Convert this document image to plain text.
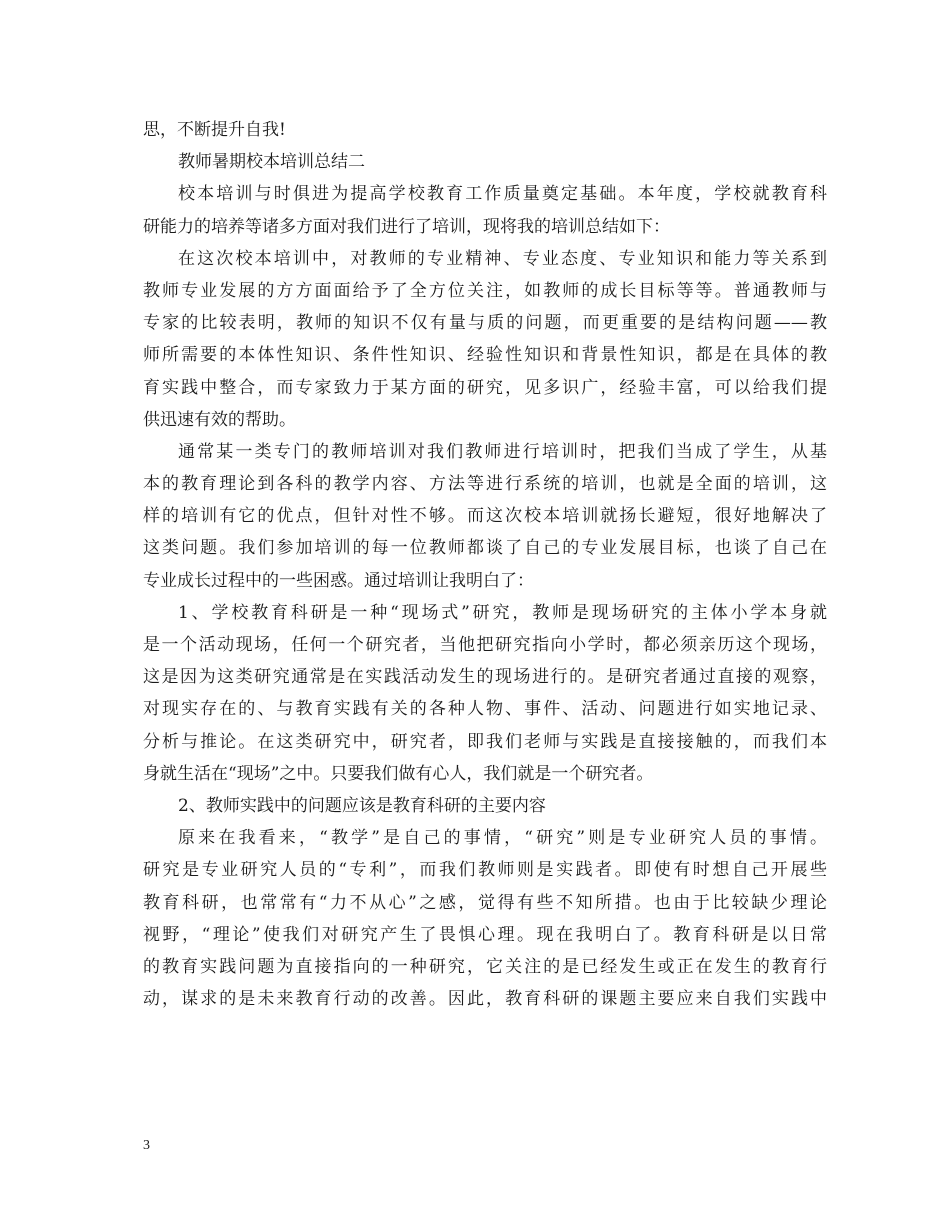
思，不断提升自我!
教师暑期校本培训总结二
校本培训与时俱进为提高学校教育工作质量奠定基础。本年度，学校就教育科
研能力的培养等诸多方面对我们进行了培训，现将我的培训总结如下：
在这次校本培训中，对教师的专业精神、专业态度、专业知识和能力等关系到
教师专业发展的方方面面给予了全方位关注，如教师的成长目标等等。普通教师与
专家的比较表明，教师的知识不仅有量与质的问题，而更重要的是结构问题——教
师所需要的本体性知识、条件性知识、经验性知识和背景性知识，都是在具体的教
育实践中整合，而专家致力于某方面的研究，见多识广，经验丰富，可以给我们提
供迅速有效的帮助。
通常某一类专门的教师培训对我们教师进行培训时，把我们当成了学生，从基
本的教育理论到各科的教学内容、方法等进行系统的培训，也就是全面的培训，这
样的培训有它的优点，但针对性不够。而这次校本培训就扬长避短，很好地解决了
这类问题。我们参加培训的每一位教师都谈了自己的专业发展目标，也谈了自己在
专业成长过程中的一些困惑。通过培训让我明白了：
1、学校教育科研是一种“现场式”研究，教师是现场研究的主体小学本身就
是一个活动现场，任何一个研究者，当他把研究指向小学时，都必须亲历这个现场，
这是因为这类研究通常是在实践活动发生的现场进行的。是研究者通过直接的观察，
对现实存在的、与教育实践有关的各种人物、事件、活动、问题进行如实地记录、
分析与推论。在这类研究中，研究者，即我们老师与实践是直接接触的，而我们本
身就生活在“现场”之中。只要我们做有心人，我们就是一个研究者。
2、教师实践中的问题应该是教育科研的主要内容
原来在我看来，“教学”是自己的事情，“研究”则是专业研究人员的事情。
研究是专业研究人员的“专利”，而我们教师则是实践者。即使有时想自己开展些
教育科研，也常常有“力不从心”之感，觉得有些不知所措。也由于比较缺少理论
视野，“理论”使我们对研究产生了畏惧心理。现在我明白了。教育科研是以日常
的教育实践问题为直接指向的一种研究，它关注的是已经发生或正在发生的教育行
动，谋求的是未来教育行动的改善。因此，教育科研的课题主要应来自我们实践中
3
